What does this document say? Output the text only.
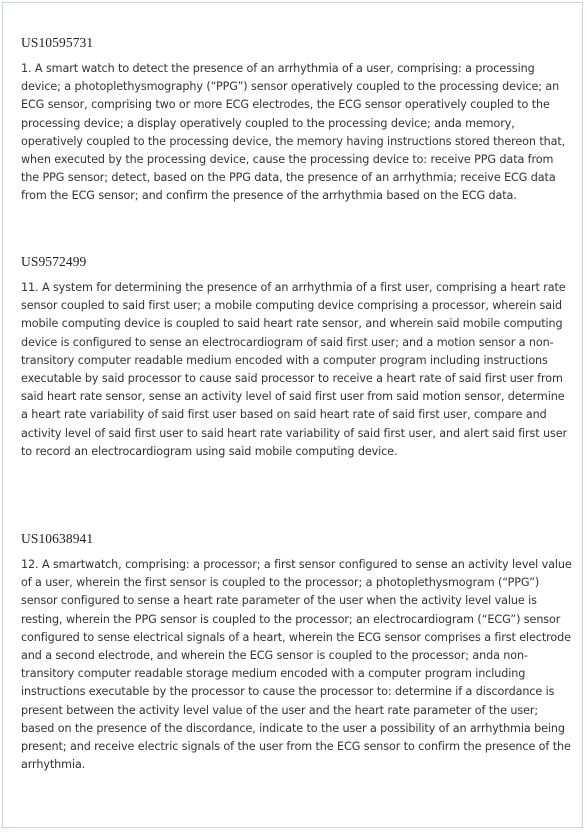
US10595731

1. A smart watch to detect the presence of an arrhythmia of a user, comprising: a processing device; a photoplethysmography (“PPG”) sensor operatively coupled to the processing device; an ECG sensor, comprising two or more ECG electrodes, the ECG sensor operatively coupled to the processing device; a display operatively coupled to the processing device; anda memory, operatively coupled to the processing device, the memory having instructions stored thereon that, when executed by the processing device, cause the processing device to: receive PPG data from the PPG sensor; detect, based on the PPG data, the presence of an arrhythmia; receive ECG data from the ECG sensor; and confirm the presence of the arrhythmia based on the ECG data.

US9572499

11. A system for determining the presence of an arrhythmia of a first user, comprising a heart rate sensor coupled to said first user; a mobile computing device comprising a processor, wherein said mobile computing device is coupled to said heart rate sensor, and wherein said mobile computing device is configured to sense an electrocardiogram of said first user; and a motion sensor a non-transitory computer readable medium encoded with a computer program including instructions executable by said processor to cause said processor to receive a heart rate of said first user from said heart rate sensor, sense an activity level of said first user from said motion sensor, determine a heart rate variability of said first user based on said heart rate of said first user, compare and activity level of said first user to said heart rate variability of said first user, and alert said first user to record an electrocardiogram using said mobile computing device.

US10638941

12. A smartwatch, comprising: a processor; a first sensor configured to sense an activity level value of a user, wherein the first sensor is coupled to the processor; a photoplethysmogram (“PPG”) sensor configured to sense a heart rate parameter of the user when the activity level value is resting, wherein the PPG sensor is coupled to the processor; an electrocardiogram (“ECG”) sensor configured to sense electrical signals of a heart, wherein the ECG sensor comprises a first electrode and a second electrode, and wherein the ECG sensor is coupled to the processor; anda non-transitory computer readable storage medium encoded with a computer program including instructions executable by the processor to cause the processor to: determine if a discordance is present between the activity level value of the user and the heart rate parameter of the user; based on the presence of the discordance, indicate to the user a possibility of an arrhythmia being present; and receive electric signals of the user from the ECG sensor to confirm the presence of the arrhythmia.
